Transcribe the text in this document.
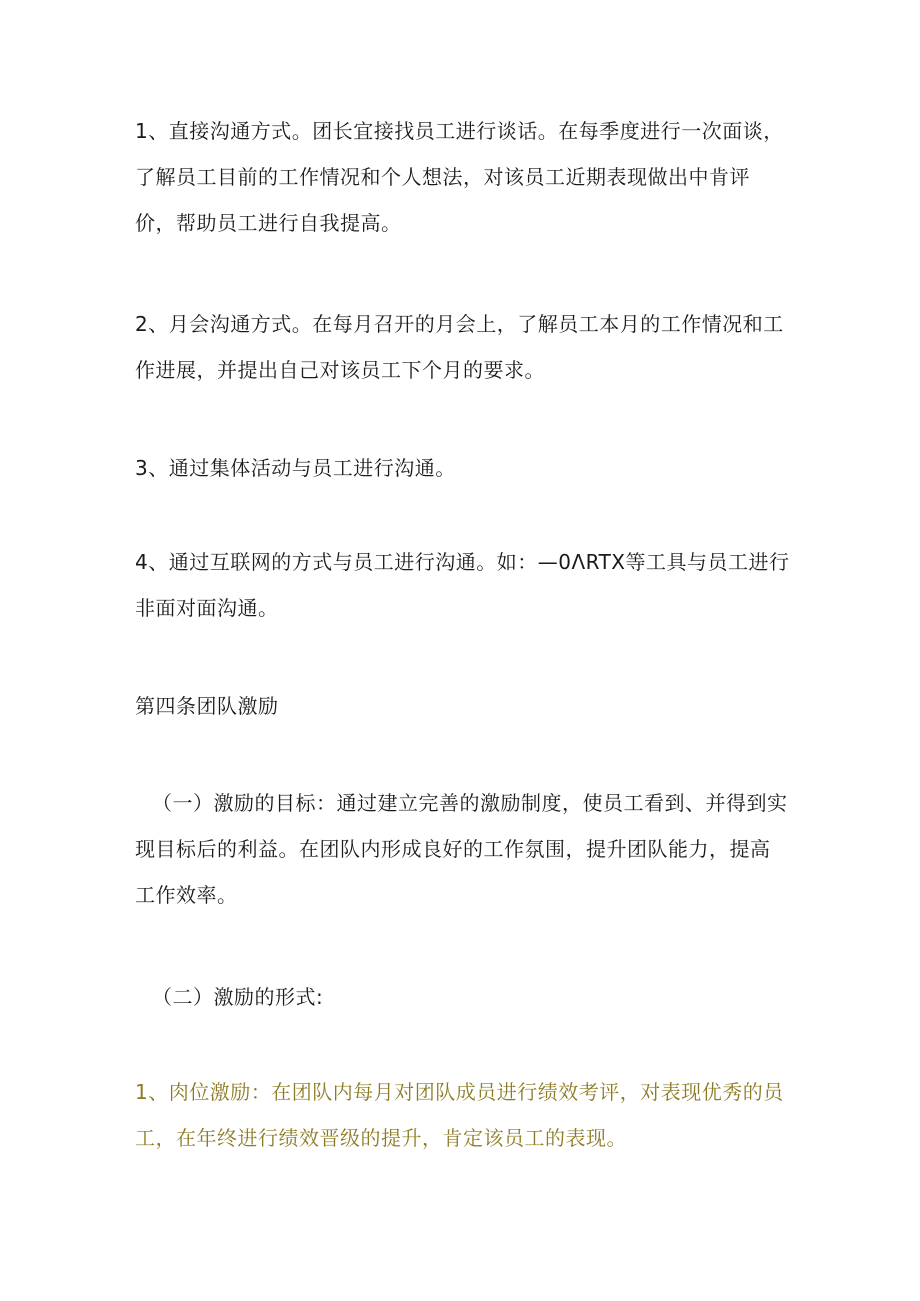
1、直接沟通方式。团长宜接找员工进行谈话。在每季度进行一次面谈，
了解员工目前的工作情况和个人想法，对该员工近期表现做出中肯评
价，帮助员工进行自我提高。
2、月会沟通方式。在每月召开的月会上，了解员工本月的工作情况和工
作进展，并提出自己对该员工下个月的要求。
3、通过集体活动与员工进行沟通。
4、通过互联网的方式与员工进行沟通。如：—0ΛRTX等工具与员工进行
非面对面沟通。
第四条团队激励
（一）激励的目标：通过建立完善的激励制度，使员工看到、并得到实
现目标后的利益。在团队内形成良好的工作氛围，提升团队能力，提高
工作效率。
（二）激励的形式:
1、肉位激励：在团队内每月对团队成员进行绩效考评，对表现优秀的员
工，在年终进行绩效晋级的提升，肯定该员工的表现。
